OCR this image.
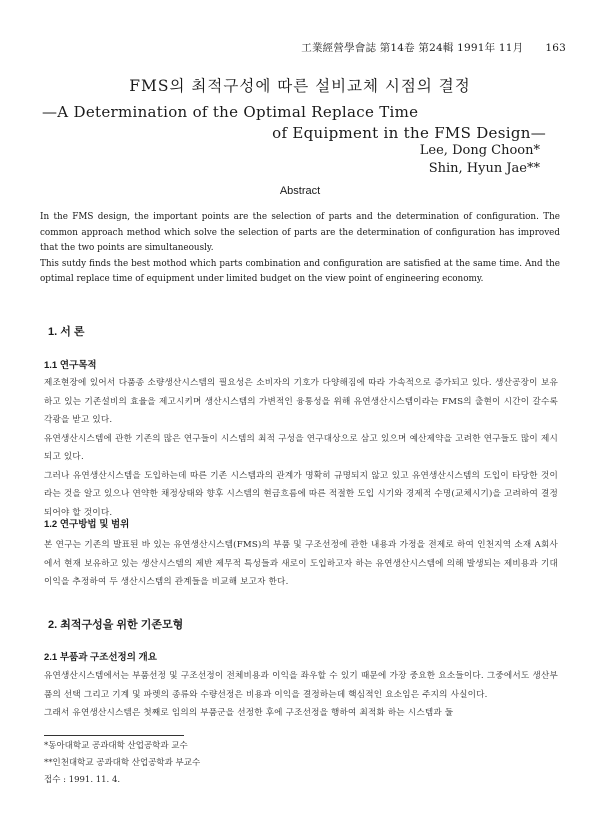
工業經營學會誌 第14卷 第24輯 1991年 11月 163
FMS의 최적구성에 따른 설비교체 시점의 결정
—A Determination of the Optimal Replace Time
of Equipment in the FMS Design—
Lee, Dong Choon*
Shin, Hyun Jae**
Abstract

In the FMS design, the important points are the selection of parts and the determination of configuration. The common approach method which solve the selection of parts are the determination of configuration has improved that the two points are simultaneously.

This sutdy finds the best mothod which parts combination and configuration are satisfied at the same time. And the optimal replace time of equipment under limited budget on the view point of engineering economy.

1. 서 론
1.1 연구목적

제조현장에 있어서 다품종 소량생산시스템의 필요성은 소비자의 기호가 다양해짐에 따라 가속적으로 증가되고 있다. 생산공장이 보유하고 있는 기존설비의 효율을 제고시키며 생산시스템의 가변적인 융통성을 위해 유연생산시스템이라는 FMS의 출현이 시간이 갈수록 각광을 받고 있다.

유연생산시스템에 관한 기존의 많은 연구들이 시스템의 최적 구성을 연구대상으로 삼고 있으며 예산제약을 고려한 연구들도 많이 제시되고 있다.

그러나 유연생산시스템을 도입하는데 따른 기존 시스템과의 관계가 명확히 규명되지 않고 있고 유연생산시스템의 도입이 타당한 것이라는 것을 알고 있으나 연약한 채정상태와 향후 시스템의 현금흐름에 따른 적절한 도입 시기와 경제적 수명(교체시기)을 고려하여 결정되어야 할 것이다.

1.2 연구방법 및 범위

본 연구는 기존의 발표된 바 있는 유연생산시스템(FMS)의 부품 및 구조선정에 관한 내용과 가정을 전제로 하여 인천지역 소재 A회사에서 현재 보유하고 있는 생산시스템의 제반 제무적 특성들과 새로이 도입하고자 하는 유연생산시스템에 의해 발생되는 제비용과 기대이익을 추정하여 두 생산시스템의 관계들을 비교해 보고자 한다.

2. 최적구성을 위한 기존모형
2.1 부품과 구조선정의 개요

유연생산시스템에서는 부품선정 및 구조선정이 전체비용과 이익을 좌우할 수 있기 때문에 가장 중요한 요소들이다. 그중에서도 생산부품의 선택 그리고 기계 및 파렛의 종류와 수량선정은 비용과 이익을 결정하는데 핵심적인 요소임은 주지의 사실이다.

그래서 유연생산시스템은 첫째로 임의의 부품군을 선정한 후에 구조선정을 행하여 최적화 하는 시스템과 둘

*동아대학교 공과대학 산업공학과 교수
**인천대학교 공과대학 산업공학과 부교수
접수 : 1991. 11. 4.
